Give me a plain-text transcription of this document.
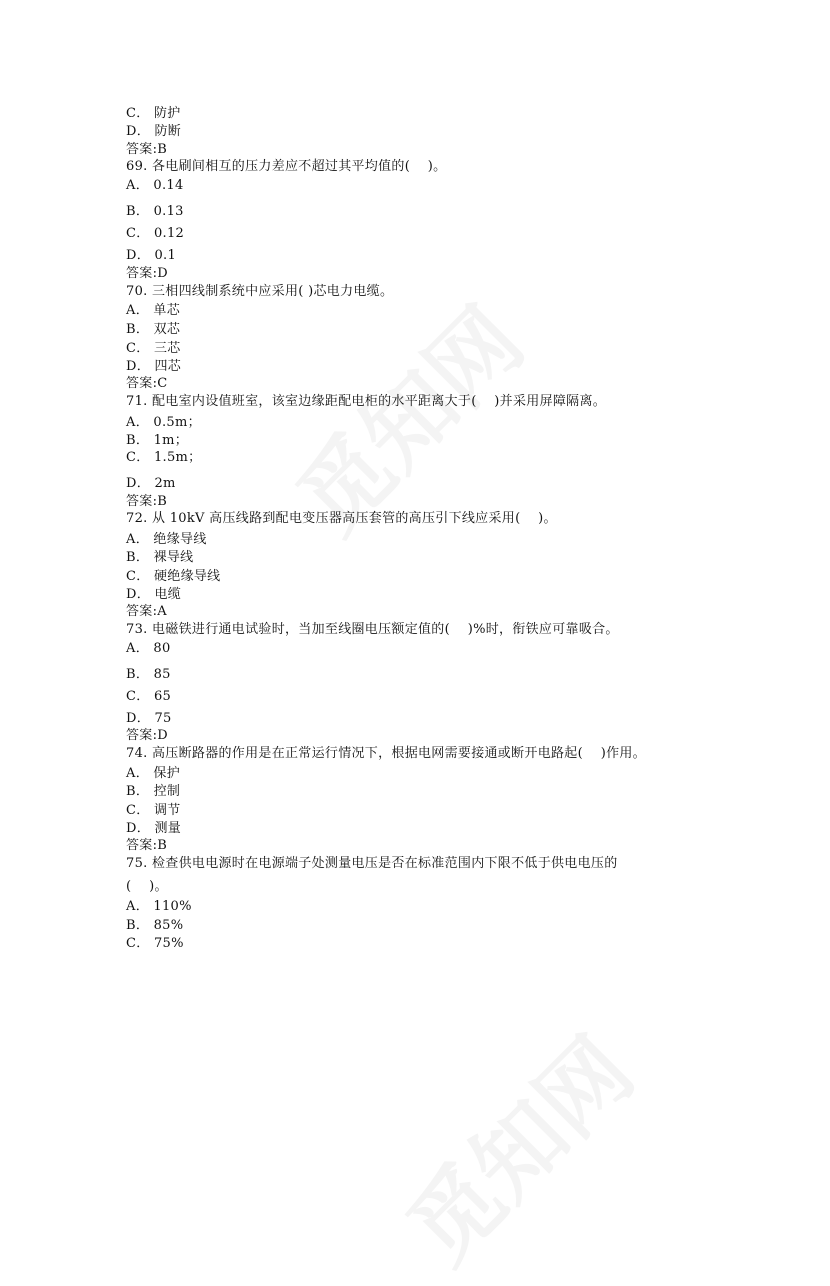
C． 防护
D． 防断
答案:B
69. 各电刷间相互的压力差应不超过其平均值的(    )。
A． 0.14
B． 0.13
C． 0.12
D． 0.1
答案:D
70. 三相四线制系统中应采用( )芯电力电缆。
A． 单芯
B． 双芯
C． 三芯
D． 四芯
答案:C
71. 配电室内设值班室，该室边缘距配电柜的水平距离大于(    )并采用屏障隔离。
A． 0.5m；
B． 1m；
C． 1.5m；
D． 2m
答案:B
72. 从 10kV 高压线路到配电变压器高压套管的高压引下线应采用(    )。
A． 绝缘导线
B． 裸导线
C． 硬绝缘导线
D． 电缆
答案:A
73. 电磁铁进行通电试验时，当加至线圈电压额定值的(    )%时，衔铁应可靠吸合。
A． 80
B． 85
C． 65
D． 75
答案:D
74. 高压断路器的作用是在正常运行情况下，根据电网需要接通或断开电路起(    )作用。
A． 保护
B． 控制
C． 调节
D． 测量
答案:B
75. 检查供电电源时在电源端子处测量电压是否在标准范围内下限不低于供电电压的
(    )。
A． 110%
B． 85%
C． 75%
